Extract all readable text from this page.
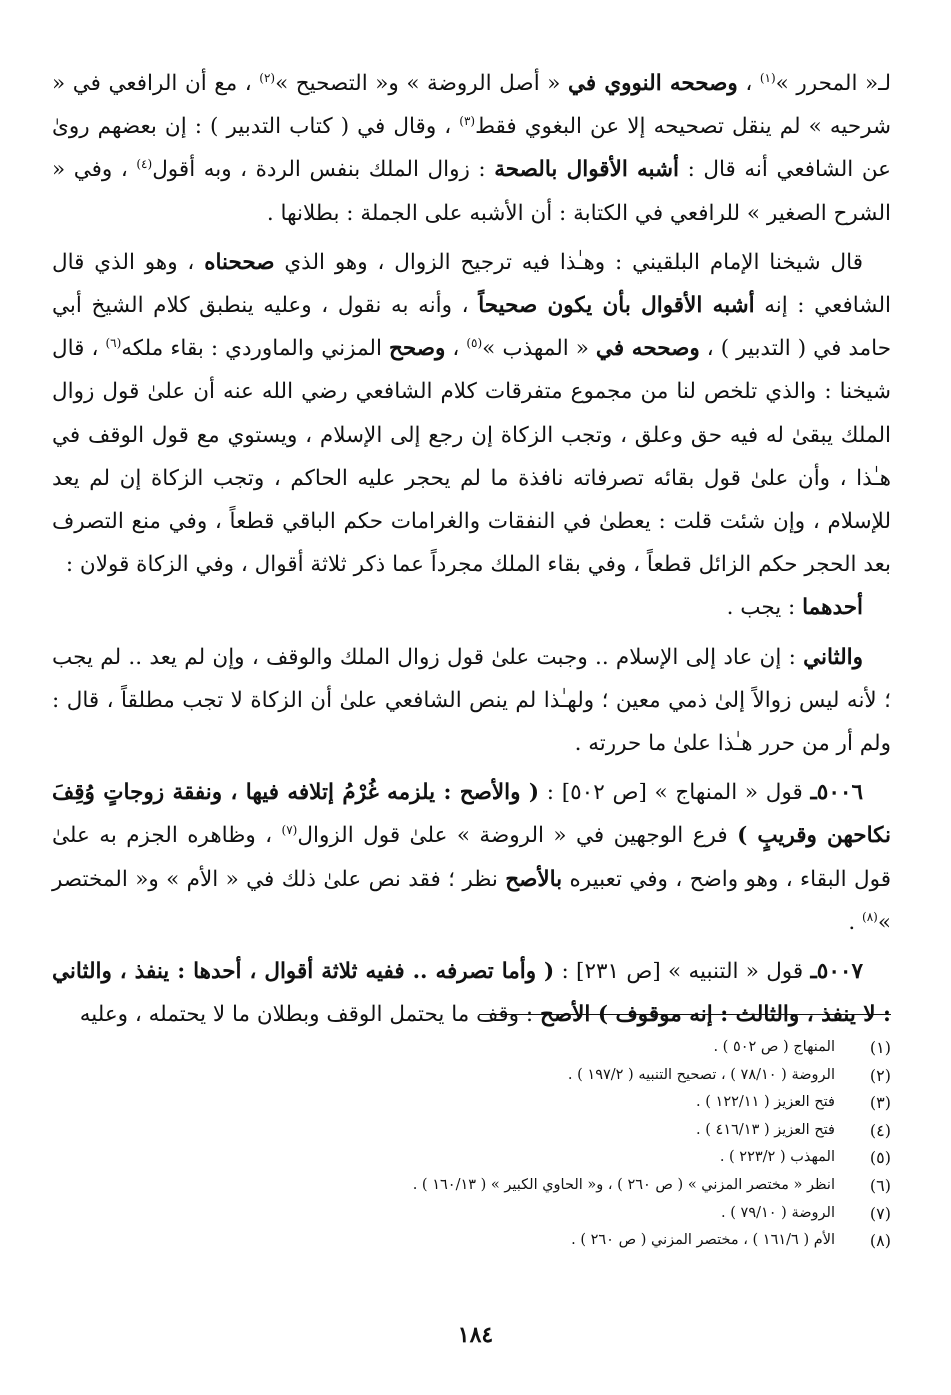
لـ« المحرر »$^{(١)}$ ، وصححه النووي في « أصل الروضة » و« التصحيح »$^{(٢)}$ ، مع أن الرافعي في « شرحيه » لم ينقل تصحيحه إلا عن البغوي فقط$^{(٣)}$ ، وقال في ( كتاب التدبير ) : إن بعضهم روىٰ عن الشافعي أنه قال : أشبه الأقوال بالصحة : زوال الملك بنفس الردة ، وبه أقول$^{(٤)}$ ، وفي « الشرح الصغير » للرافعي في الكتابة : أن الأشبه على الجملة : بطلانها .

قال شيخنا الإمام البلقيني : وهـٰذا فيه ترجيح الزوال ، وهو الذي صححناه ، وهو الذي قال الشافعي : إنه أشبه الأقوال بأن يكون صحيحاً ، وأنه به نقول ، وعليه ينطبق كلام الشيخ أبي حامد في ( التدبير ) ، وصححه في « المهذب »$^{(٥)}$ ، وصحح المزني والماوردي : بقاء ملكه$^{(٦)}$ ، قال شيخنا : والذي تلخص لنا من مجموع متفرقات كلام الشافعي رضي الله عنه أن علىٰ قول زوال الملك يبقىٰ له فيه حق وعلق ، وتجب الزكاة إن رجع إلى الإسلام ، ويستوي مع قول الوقف في هـٰذا ، وأن علىٰ قول بقائه تصرفاته نافذة ما لم يحجر عليه الحاكم ، وتجب الزكاة إن لم يعد للإسلام ، وإن شئت قلت : يعطىٰ في النفقات والغرامات حكم الباقي قطعاً ، وفي منع التصرف بعد الحجر حكم الزائل قطعاً ، وفي بقاء الملك مجرداً عما ذكر ثلاثة أقوال ، وفي الزكاة قولان :

أحدهما : يجب .

والثاني : إن عاد إلى الإسلام .. وجبت علىٰ قول زوال الملك والوقف ، وإن لم يعد .. لم يجب ؛ لأنه ليس زوالاً إلىٰ ذمي معين ؛ ولهـٰذا لم ينص الشافعي علىٰ أن الزكاة لا تجب مطلقاً ، قال : ولم أر من حرر هـٰذا علىٰ ما حررته .

٥٠٠٦ـ قول « المنهاج » [ص ٥٠٢] : ( والأصح : يلزمه غُرْمُ إتلافه فيها ، ونفقة زوجاتٍ وُقِفَ نكاحهن وقريبٍ ) فرع الوجهين في « الروضة » علىٰ قول الزوال$^{(٧)}$ ، وظاهره الجزم به علىٰ قول البقاء ، وهو واضح ، وفي تعبيره بالأصح نظر ؛ فقد نص علىٰ ذلك في « الأم » و« المختصر »$^{(٨)}$ .

٥٠٠٧ـ قول « التنبيه » [ص ٢٣١] : ( وأما تصرفه .. ففيه ثلاثة أقوال ، أحدها : ينفذ ، والثاني : لا ينفذ ، والثالث : إنه موقوف ) الأصح : وقف ما يحتمل الوقف وبطلان ما لا يحتمله ، وعليه

(١)
المنهاج ( ص ٥٠٢ ) .
(٢)
الروضة ( ٧٨/١٠ ) ، تصحيح التنبيه ( ١٩٧/٢ ) .
(٣)
فتح العزيز ( ١٢٢/١١ ) .
(٤)
فتح العزيز ( ٤١٦/١٣ ) .
(٥)
المهذب ( ٢٢٣/٢ ) .
(٦)
انظر « مختصر المزني » ( ص ٢٦٠ ) ، و« الحاوي الكبير » ( ١٦٠/١٣ ) .
(٧)
الروضة ( ٧٩/١٠ ) .
(٨)
الأم ( ١٦١/٦ ) ، مختصر المزني ( ص ٢٦٠ ) .
١٨٤
